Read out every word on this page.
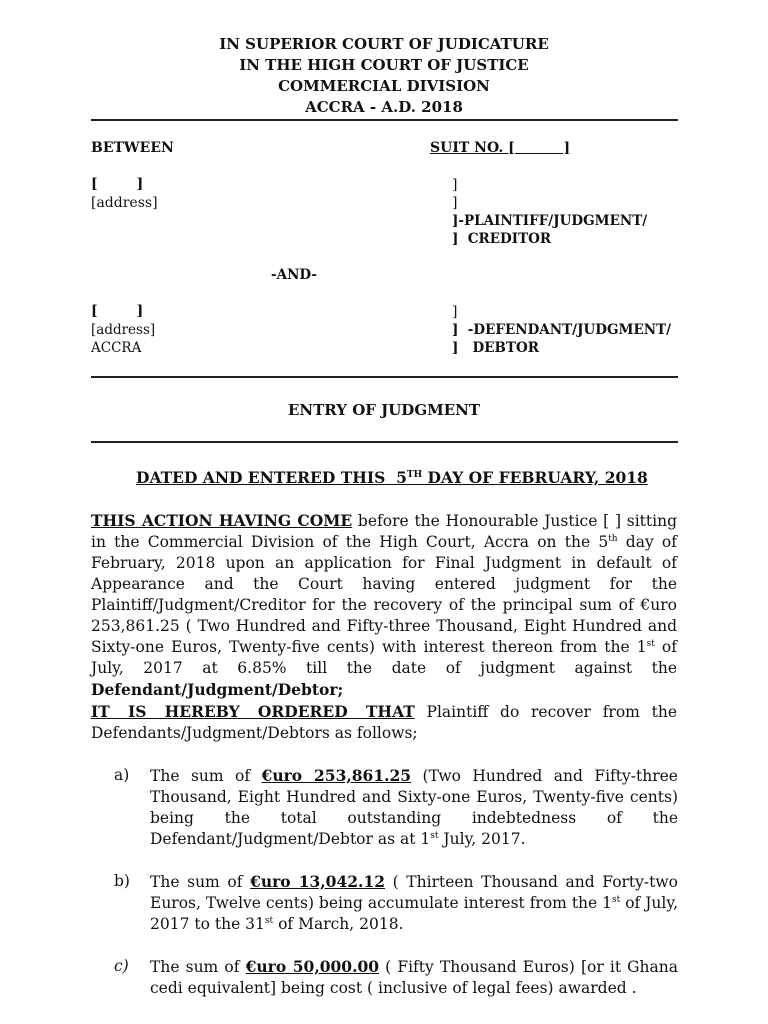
IN SUPERIOR COURT OF JUDICATURE
IN THE HIGH COURT OF JUSTICE
COMMERCIAL DIVISION
ACCRA - A.D. 2018
BETWEEN	SUIT NO. [          ]
[        ]
[address]
]
]
]-PLAINTIFF/JUDGMENT/
]  CREDITOR
-AND-
[        ]
[address]
ACCRA
]
]  -DEFENDANT/JUDGMENT/
]   DEBTOR
ENTRY OF JUDGMENT
DATED AND ENTERED THIS  5TH DAY OF FEBRUARY, 2018
THIS ACTION HAVING COME before the Honourable Justice [ ] sitting in the Commercial Division of the High Court, Accra on the 5th day of February, 2018 upon an application for Final Judgment in default of Appearance and the Court having entered judgment for the Plaintiff/Judgment/Creditor for the recovery of the principal sum of €uro 253,861.25 ( Two Hundred and Fifty-three Thousand, Eight Hundred and Sixty-one Euros, Twenty-five cents) with interest thereon from the 1st of July, 2017 at 6.85% till the date of judgment against the Defendant/Judgment/Debtor;
IT IS HEREBY ORDERED THAT Plaintiff do recover from the Defendants/Judgment/Debtors as follows;
a) The sum of €uro 253,861.25 (Two Hundred and Fifty-three Thousand, Eight Hundred and Sixty-one Euros, Twenty-five cents) being the total outstanding indebtedness of the Defendant/Judgment/Debtor as at 1st July, 2017.
b) The sum of €uro 13,042.12 ( Thirteen Thousand and Forty-two Euros, Twelve cents) being accumulate interest from the 1st of July, 2017 to the 31st of March, 2018.
c) The sum of €uro 50,000.00 ( Fifty Thousand Euros) [or it Ghana cedi equivalent] being cost ( inclusive of legal fees) awarded .
